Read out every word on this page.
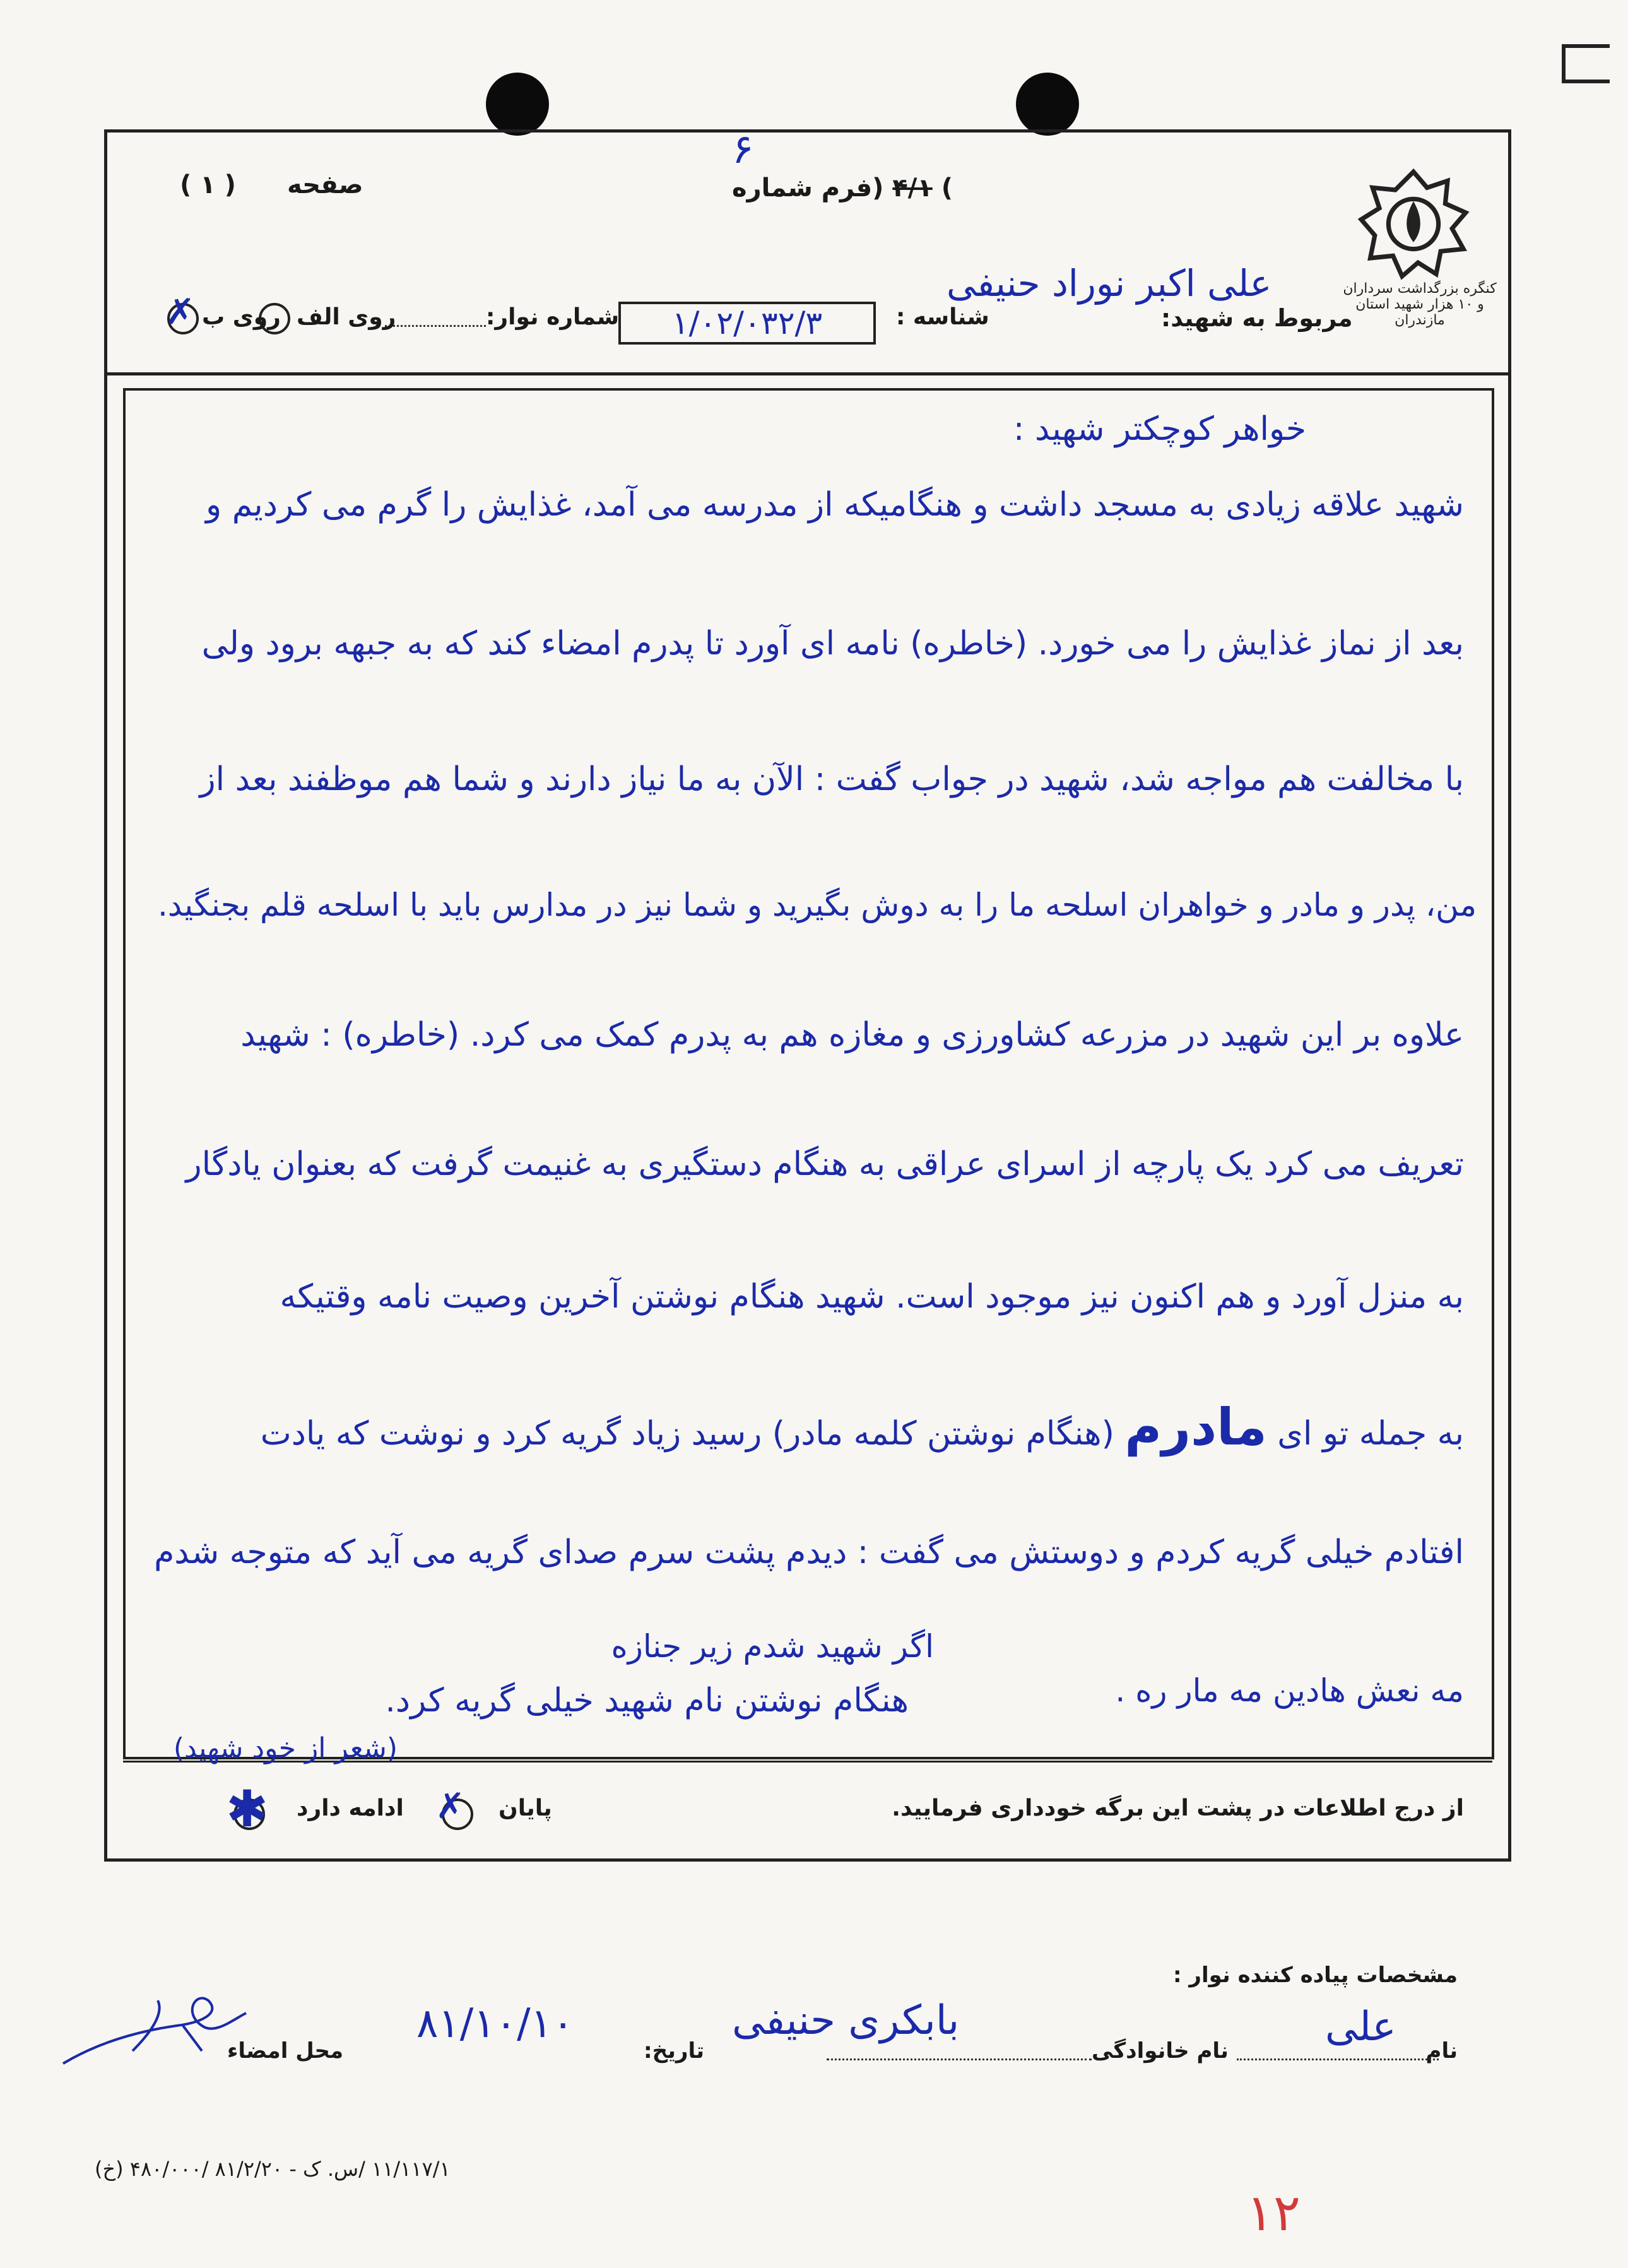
کنگره بزرگداشت سرداران و ۱۰ هزار شهید استان مازندران
صفحه
( ۱ )	) ۴/۱ (فرم شماره
۶
مربوط به شهید:
علی اکبر نوراد حنیفی
شناسه :
۱/۰۲/۰۳۲/۳
شماره نوار:
روی الف
روی ب
✗
خواهر کوچکتر شهید :
شهید علاقه زیادی به مسجد داشت و هنگامیکه از مدرسه می آمد، غذایش را گرم می کردیم و
بعد از نماز غذایش را می خورد. (خاطره) نامه ای آورد تا پدرم امضاء کند که به جبهه برود ولی
با مخالفت هم مواجه شد، شهید در جواب گفت : الآن به ما نیاز دارند و شما هم موظفند بعد از
من، پدر و مادر و خواهران اسلحه ما را به دوش بگیرید و شما نیز در مدارس باید با اسلحه قلم بجنگید.
علاوه بر این شهید در مزرعه کشاورزی و مغازه هم به پدرم کمک می کرد. (خاطره) : شهید
تعریف می کرد یک پارچه از اسرای عراقی به هنگام دستگیری به غنیمت گرفت که بعنوان یادگار
به منزل آورد و هم اکنون نیز موجود است. شهید هنگام نوشتن آخرین وصیت نامه وقتیکه
به جمله تو ای مادرم (هنگام نوشتن کلمه مادر) رسید زیاد گریه کرد و نوشت که یادت
افتادم خیلی گریه کردم و دوستش می گفت : دیدم پشت سرم صدای گریه می آید که متوجه شدم
اگر شهید شدم زیر جنازه
هنگام نوشتن نام شهید خیلی گریه کرد.	مه نعش هادین مه مار ره .
(شعر از خود شهید)
از درج اطلاعات در پشت این برگه خودداری فرمایید.
پایان
✗
ادامه دارد
✱
مشخصات پیاده کننده نوار :
نام
علی
نام خانوادگی
بابکری حنیفی
تاریخ:
۸۱/۱۰/۱۰
محل امضاء
۱۱/۱۱۷/۱ /س. ک - ۸۱/۲/۲۰ /۴۸۰/۰۰۰ (خ)
۱۲
